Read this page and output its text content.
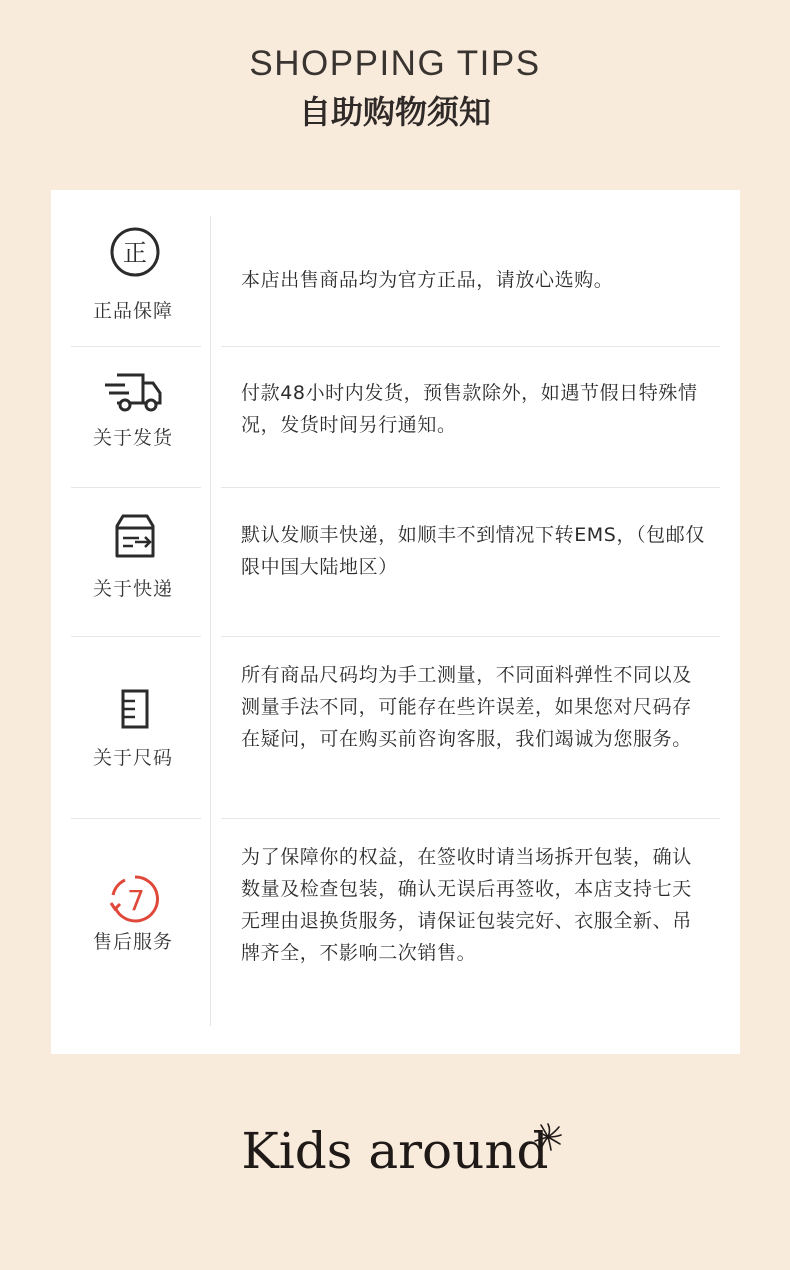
SHOPPING TIPS
自助购物须知
正
正品保障
本店出售商品均为官方正品，请放心选购。
关于发货
付款48小时内发货，预售款除外，如遇节假日特殊情况，发货时间另行通知。
关于快递
默认发顺丰快递，如顺丰不到情况下转EMS，（包邮仅限中国大陆地区）
关于尺码
所有商品尺码均为手工测量，不同面料弹性不同以及测量手法不同，可能存在些许误差，如果您对尺码存在疑问，可在购买前咨询客服，我们竭诚为您服务。
7
售后服务
为了保障你的权益，在签收时请当场拆开包装，确认数量及检查包装，确认无误后再签收，本店支持七天无理由退换货服务，请保证包装完好、衣服全新、吊牌齐全，不影响二次销售。
Kids around
